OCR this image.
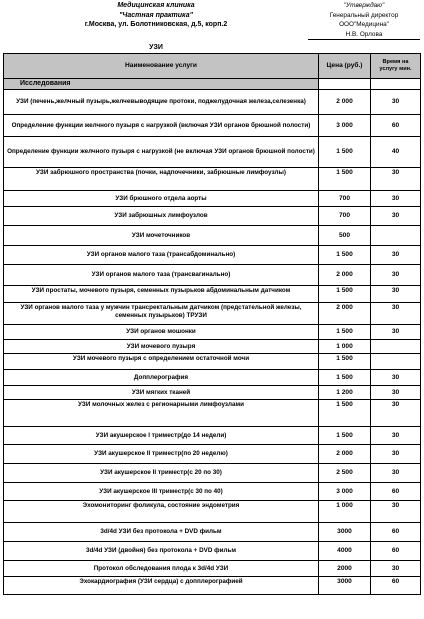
Медицинская клиника
"Частная практика"
г.Москва, ул. Болотниковская, д.5, корп.2
"Утверждаю"
Генеральный директор
ООО"Медицина"
Н.В. Орлова
УЗИ
Наименование услуги	Цена (руб.)	Время на услугу мин.
Исследования		
УЗИ (печень,желчный пузырь,желчевыводящие протоки, поджелудочная железа,селезенка)	2 000	30
Определение функции желчного пузыря с нагрузкой (включая УЗИ органов брюшной полости)	3 000	60
Определение функции желчного пузыря с нагрузкой (не включая УЗИ органов брюшной полости)	1 500	40
УЗИ забрюшного пространства (почки, надпочечники, забрюшные лимфоузлы)	1 500	30
УЗИ брюшного отдела аорты	700	30
УЗИ забрюшных лимфоузлов	700	30
УЗИ мочеточников	500	
УЗИ органов малого таза (трансабдоминально)	1 500	30
УЗИ органов малого таза (трансвагинально)	2 000	30
УЗИ простаты, мочевого пузыря, семенных пузырьков абдоминальным датчиком	1 500	30
УЗИ органов малого таза у мужчин трансректальным датчиком (предстательной железы, семенных пузырьков) ТРУЗИ	2 000	30
УЗИ органов мошонки	1 500	30
УЗИ мочевого пузыря	1 000	
УЗИ мочевого пузыря с определением остаточной мочи	1 500	
Допплерография	1 500	30
УЗИ мягких тканей	1 200	30
УЗИ молочных желез с регионарными лимфоузлами	1 500	30
УЗИ акушерское I триместр(до 14 недели)	1 500	30
УЗИ акушерское II триместр(по 20 неделю)	2 000	30
УЗИ акушерское II триместр(с 20 по 30)	2 500	30
УЗИ акушерское III триместр(с 30 по 40)	3 000	60
Эхомониторинг фоликула, состояние эндометрия	1 000	30
3d/4d УЗИ без протокола + DVD фильм	3000	60
3d/4d УЗИ (двойня) без протокола + DVD фильм	4000	60
Протокол обследования плода к 3d/4d УЗИ	2000	30
Эхокардиография (УЗИ сердца) с допплерографией	3000	60
